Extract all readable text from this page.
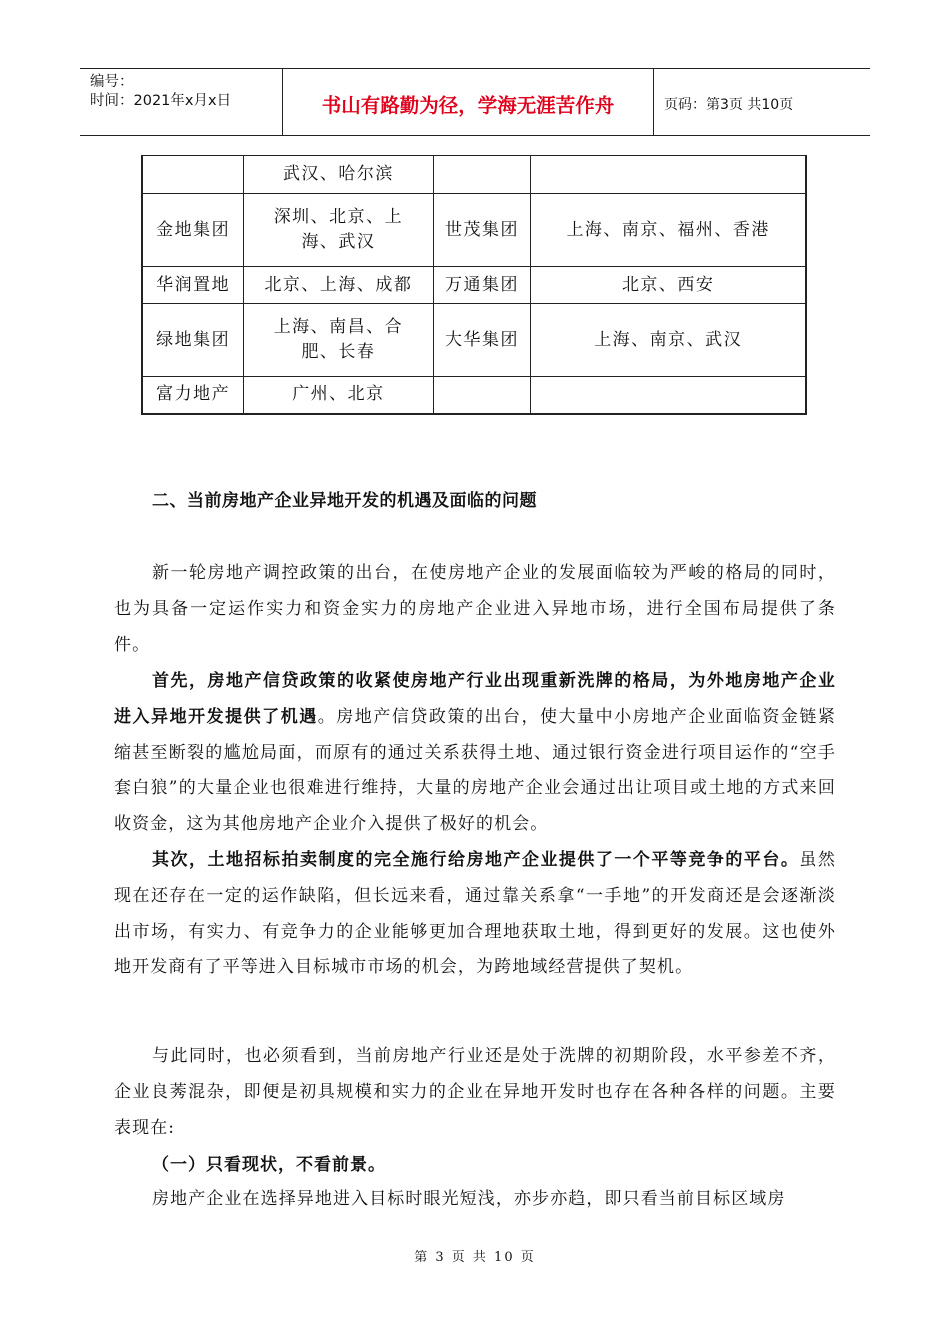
编号：
时间：2021年x月x日	书山有路勤为径，学海无涯苦作舟	页码：第3页 共10页
	武汉、哈尔滨		
金地集团	深圳、北京、上海、武汉	世茂集团	上海、南京、福州、香港
华润置地	北京、上海、成都	万通集团	北京、西安
绿地集团	上海、南昌、合肥、长春	大华集团	上海、南京、武汉
富力地产	广州、北京		
二、当前房地产企业异地开发的机遇及面临的问题
新一轮房地产调控政策的出台，在使房地产企业的发展面临较为严峻的格局的同时，也为具备一定运作实力和资金实力的房地产企业进入异地市场，进行全国布局提供了条件。
首先，房地产信贷政策的收紧使房地产行业出现重新洗牌的格局，为外地房地产企业进入异地开发提供了机遇。房地产信贷政策的出台，使大量中小房地产企业面临资金链紧缩甚至断裂的尴尬局面，而原有的通过关系获得土地、通过银行资金进行项目运作的“空手套白狼”的大量企业也很难进行维持，大量的房地产企业会通过出让项目或土地的方式来回收资金，这为其他房地产企业介入提供了极好的机会。
其次，土地招标拍卖制度的完全施行给房地产企业提供了一个平等竞争的平台。虽然现在还存在一定的运作缺陷，但长远来看，通过靠关系拿“一手地”的开发商还是会逐渐淡出市场，有实力、有竞争力的企业能够更加合理地获取土地，得到更好的发展。这也使外地开发商有了平等进入目标城市市场的机会，为跨地域经营提供了契机。
与此同时，也必须看到，当前房地产行业还是处于洗牌的初期阶段，水平参差不齐，企业良莠混杂，即便是初具规模和实力的企业在异地开发时也存在各种各样的问题。主要表现在:
（一）只看现状，不看前景。
房地产企业在选择异地进入目标时眼光短浅，亦步亦趋，即只看当前目标区域房
第 3 页 共 10 页
